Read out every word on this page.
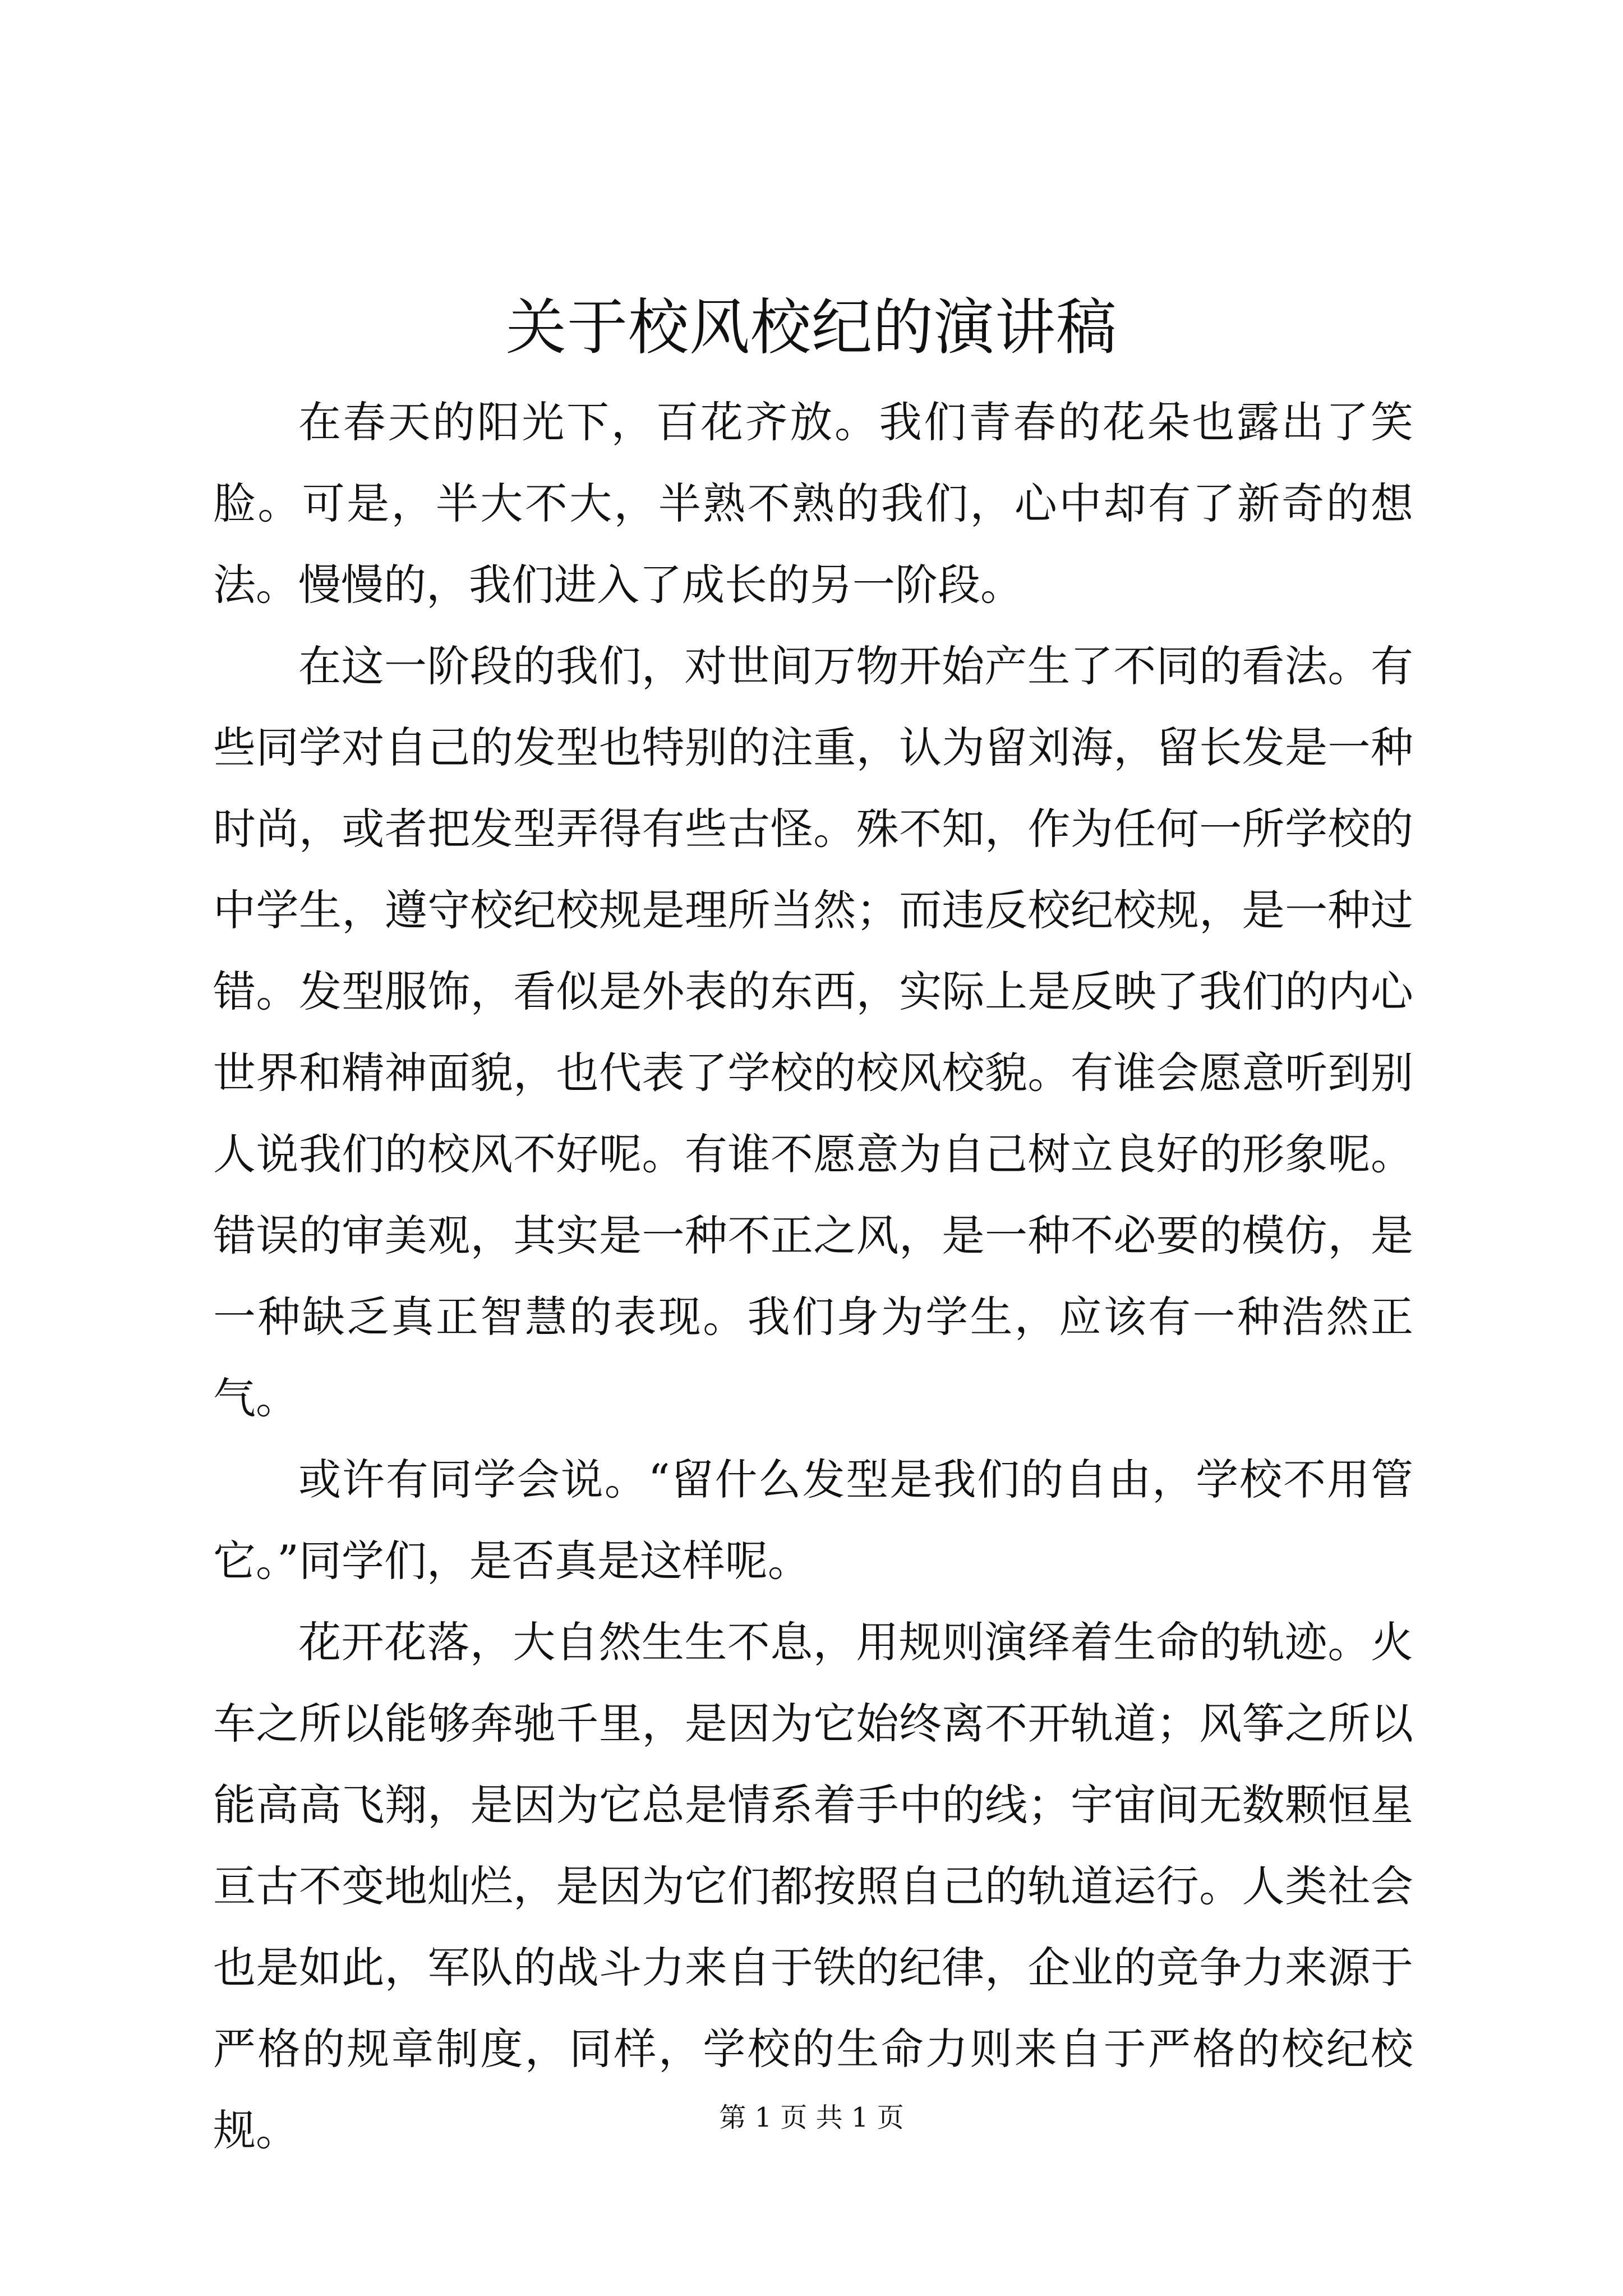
关于校风校纪的演讲稿

在春天的阳光下，百花齐放。我们青春的花朵也露出了笑脸。可是，半大不大，半熟不熟的我们，心中却有了新奇的想法。慢慢的，我们进入了成长的另一阶段。

在这一阶段的我们，对世间万物开始产生了不同的看法。有些同学对自己的发型也特别的注重，认为留刘海，留长发是一种时尚，或者把发型弄得有些古怪。殊不知，作为任何一所学校的中学生，遵守校纪校规是理所当然；而违反校纪校规，是一种过错。发型服饰，看似是外表的东西，实际上是反映了我们的内心世界和精神面貌，也代表了学校的校风校貌。有谁会愿意听到别人说我们的校风不好呢。有谁不愿意为自己树立良好的形象呢。错误的审美观，其实是一种不正之风，是一种不必要的模仿，是一种缺乏真正智慧的表现。我们身为学生，应该有一种浩然正气。

或许有同学会说。“留什么发型是我们的自由，学校不用管它。”同学们，是否真是这样呢。

花开花落，大自然生生不息，用规则演绎着生命的轨迹。火车之所以能够奔驰千里，是因为它始终离不开轨道；风筝之所以能高高飞翔，是因为它总是情系着手中的线；宇宙间无数颗恒星亘古不变地灿烂，是因为它们都按照自己的轨道运行。人类社会也是如此，军队的战斗力来自于铁的纪律，企业的竞争力来源于严格的规章制度，同样，学校的生命力则来自于严格的校纪校规。	第 1 页 共 1 页
